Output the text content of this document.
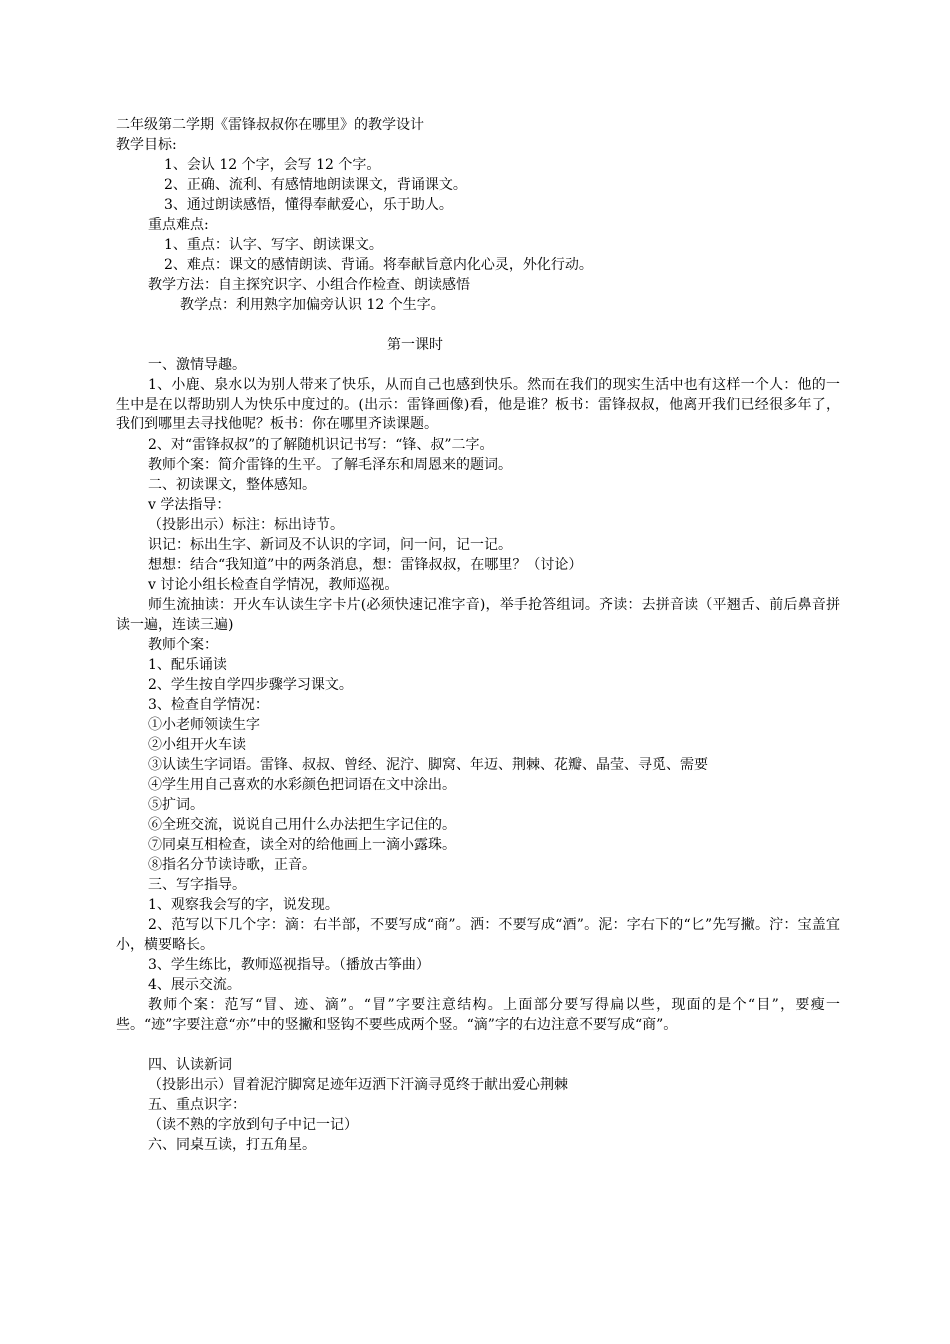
二年级第二学期《雷锋叔叔你在哪里》的教学设计
教学目标:
1、会认 12 个字，会写 12 个字。
2、正确、流利、有感情地朗读课文，背诵课文。
3、通过朗读感悟，懂得奉献爱心，乐于助人。
重点难点:
1、重点：认字、写字、朗读课文。
2、难点：课文的感情朗读、背诵。将奉献旨意内化心灵，外化行动。
教学方法：自主探究识字、小组合作检查、朗读感悟
教学点：利用熟字加偏旁认识 12 个生字。
第一课时
一、激情导趣。
1、小鹿、泉水以为别人带来了快乐，从而自己也感到快乐。然而在我们的现实生活中也有这样一个人：他的一生中是在以帮助别人为快乐中度过的。(出示：雷锋画像)看，他是谁？板书：雷锋叔叔，他离开我们已经很多年了，我们到哪里去寻找他呢？板书：你在哪里齐读课题。
2、对“雷锋叔叔”的了解随机识记书写：“锋、叔”二字。
教师个案：简介雷锋的生平。了解毛泽东和周恩来的题词。
二、初读课文，整体感知。
v 学法指导：
（投影出示）标注：标出诗节。
识记：标出生字、新词及不认识的字词，问一问，记一记。
想想：结合“我知道”中的两条消息，想：雷锋叔叔，在哪里？（讨论）
v 讨论小组长检查自学情况，教师巡视。
师生流抽读：开火车认读生字卡片(必须快速记准字音)，举手抢答组词。齐读：去拼音读（平翘舌、前后鼻音拼读一遍，连读三遍)
教师个案：
1、配乐诵读
2、学生按自学四步骤学习课文。
3、检查自学情况：
①小老师领读生字
②小组开火车读
③认读生字词语。雷锋、叔叔、曾经、泥泞、脚窝、年迈、荆棘、花瓣、晶莹、寻觅、需要
④学生用自己喜欢的水彩颜色把词语在文中涂出。
⑤扩词。
⑥全班交流，说说自己用什么办法把生字记住的。
⑦同桌互相检查，读全对的给他画上一滴小露珠。
⑧指名分节读诗歌，正音。
三、写字指导。
1、观察我会写的字，说发现。
2、范写以下几个字：滴：右半部，不要写成“商”。洒：不要写成“酒”。泥：字右下的“匕”先写撇。泞：宝盖宜小，横要略长。
3、学生练比，教师巡视指导。（播放古筝曲）
4、展示交流。
教师个案：范写“冒、迹、滴”。“冒”字要注意结构。上面部分要写得扁以些，现面的是个“目”，要瘦一些。“迹”字要注意“亦”中的竖撇和竖钩不要些成两个竖。“滴”字的右边注意不要写成“商”。
四、认读新词
（投影出示）冒着泥泞脚窝足迹年迈洒下汗滴寻觅终于献出爱心荆棘
五、重点识字：
（读不熟的字放到句子中记一记）
六、同桌互读，打五角星。
